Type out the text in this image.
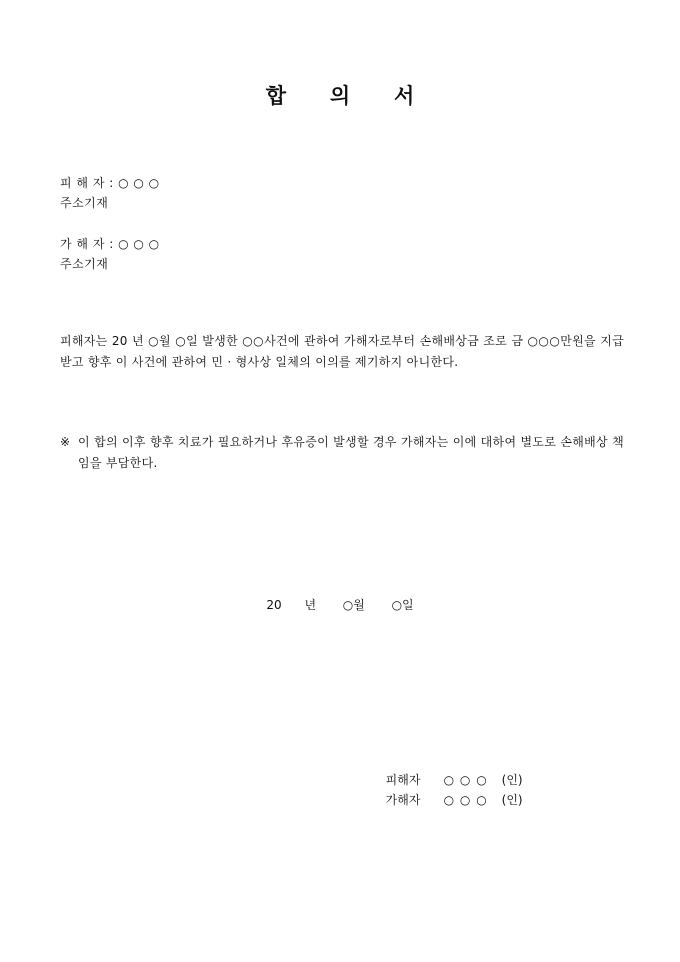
합      의      서
피 해 자 : ○ ○ ○
주소기재
가 해 자 : ○ ○ ○
주소기재
피해자는 20 년 ○월 ○일 발생한 ○○사건에 관하여 가해자로부터 손해배상금 조로 금 ○○○만원을 지급받고 향후 이 사건에 관하여 민 · 형사상 일체의 이의를 제기하지 아니한다.
※ 이 합의 이후 향후 치료가 필요하거나 후유증이 발생할 경우 가해자는 이에 대하여 별도로 손해배상 책임을 부담한다.
20      년       ○월       ○일

피해자 ○ ○ ○ (인)

가해자 ○ ○ ○ (인)
